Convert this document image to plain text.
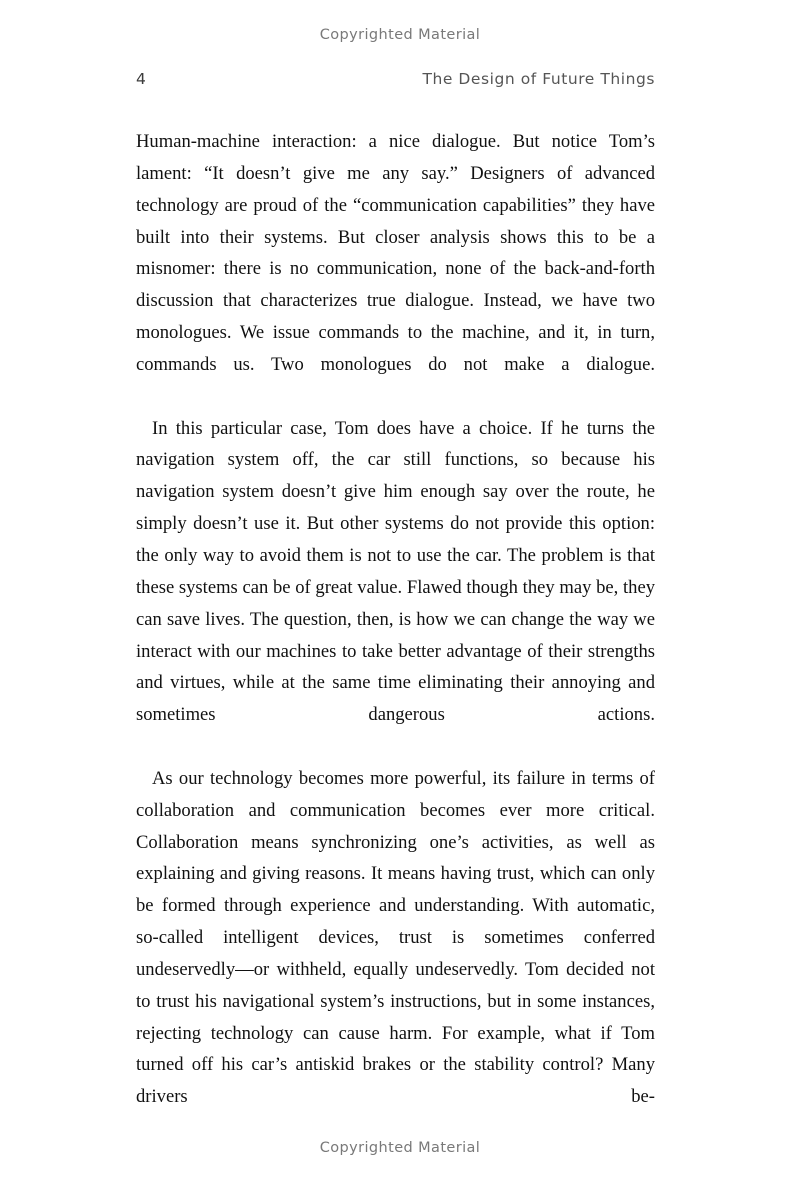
Copyrighted Material
4	The Design of Future Things

Human-machine interaction: a nice dialogue. But notice Tom’s lament: “It doesn’t give me any say.” Designers of advanced technology are proud of the “communication capabilities” they have built into their systems. But closer analysis shows this to be a misnomer: there is no communication, none of the back-and-forth discussion that characterizes true dialogue. Instead, we have two monologues. We issue commands to the machine, and it, in turn, commands us. Two monologues do not make a dialogue.

In this particular case, Tom does have a choice. If he turns the navigation system off, the car still functions, so because his navigation system doesn’t give him enough say over the route, he simply doesn’t use it. But other systems do not provide this option: the only way to avoid them is not to use the car. The problem is that these systems can be of great value. Flawed though they may be, they can save lives. The question, then, is how we can change the way we interact with our machines to take better advantage of their strengths and virtues, while at the same time eliminating their annoying and sometimes dangerous actions.

As our technology becomes more powerful, its failure in terms of collaboration and communication becomes ever more critical. Collaboration means synchronizing one’s activities, as well as explaining and giving reasons. It means having trust, which can only be formed through experience and understanding. With automatic, so-called intelligent devices, trust is sometimes conferred undeservedly—or withheld, equally undeservedly. Tom decided not to trust his navigational system’s instructions, but in some instances, rejecting technology can cause harm. For example, what if Tom turned off his car’s antiskid brakes or the stability control? Many drivers be-

Copyrighted Material
